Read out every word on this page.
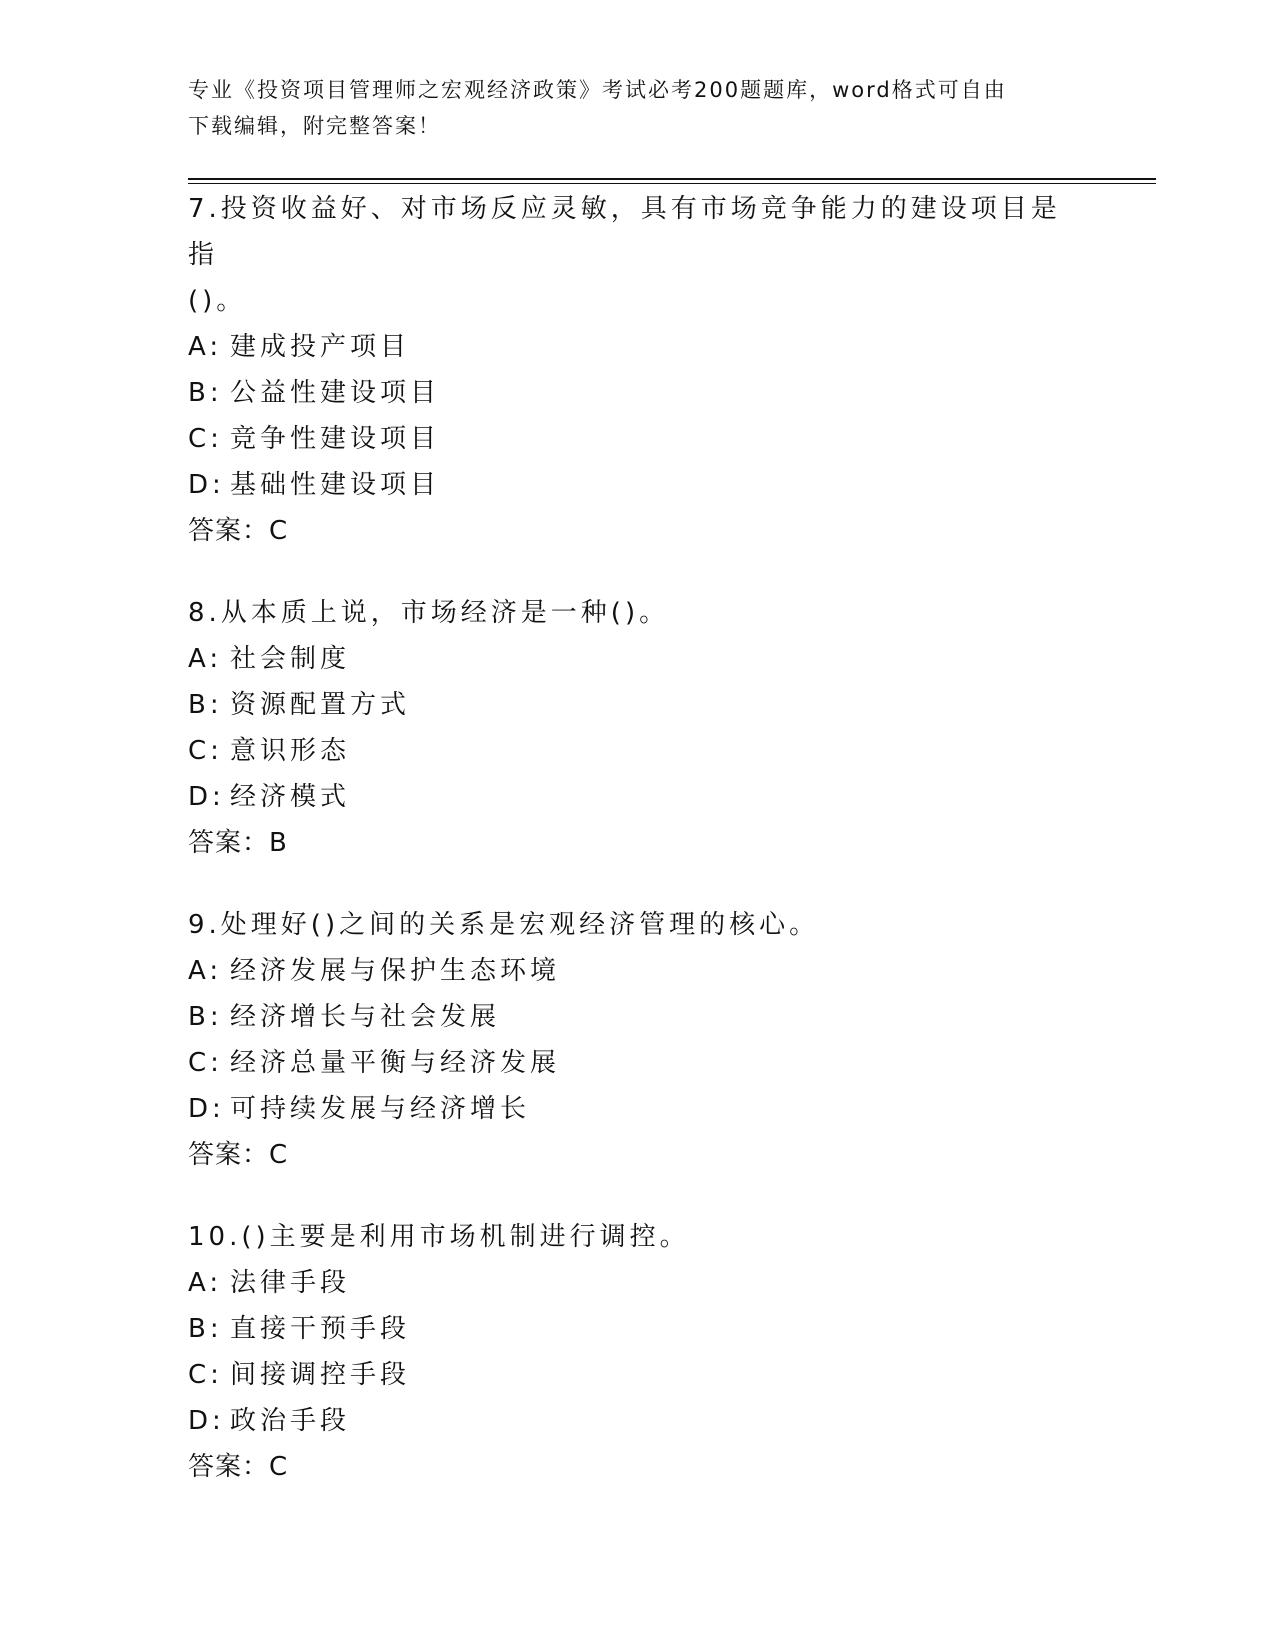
专业《投资项目管理师之宏观经济政策》考试必考200题题库，word格式可自由
下载编辑，附完整答案！
7.投资收益好、对市场反应灵敏，具有市场竞争能力的建设项目是指
()。
A: 建成投产项目
B: 公益性建设项目
C: 竞争性建设项目
D: 基础性建设项目
答案：C
8.从本质上说，市场经济是一种()。
A: 社会制度
B: 资源配置方式
C: 意识形态
D: 经济模式
答案：B
9.处理好()之间的关系是宏观经济管理的核心。
A: 经济发展与保护生态环境
B: 经济增长与社会发展
C: 经济总量平衡与经济发展
D: 可持续发展与经济增长
答案：C
10.()主要是利用市场机制进行调控。
A: 法律手段
B: 直接干预手段
C: 间接调控手段
D: 政治手段
答案：C
